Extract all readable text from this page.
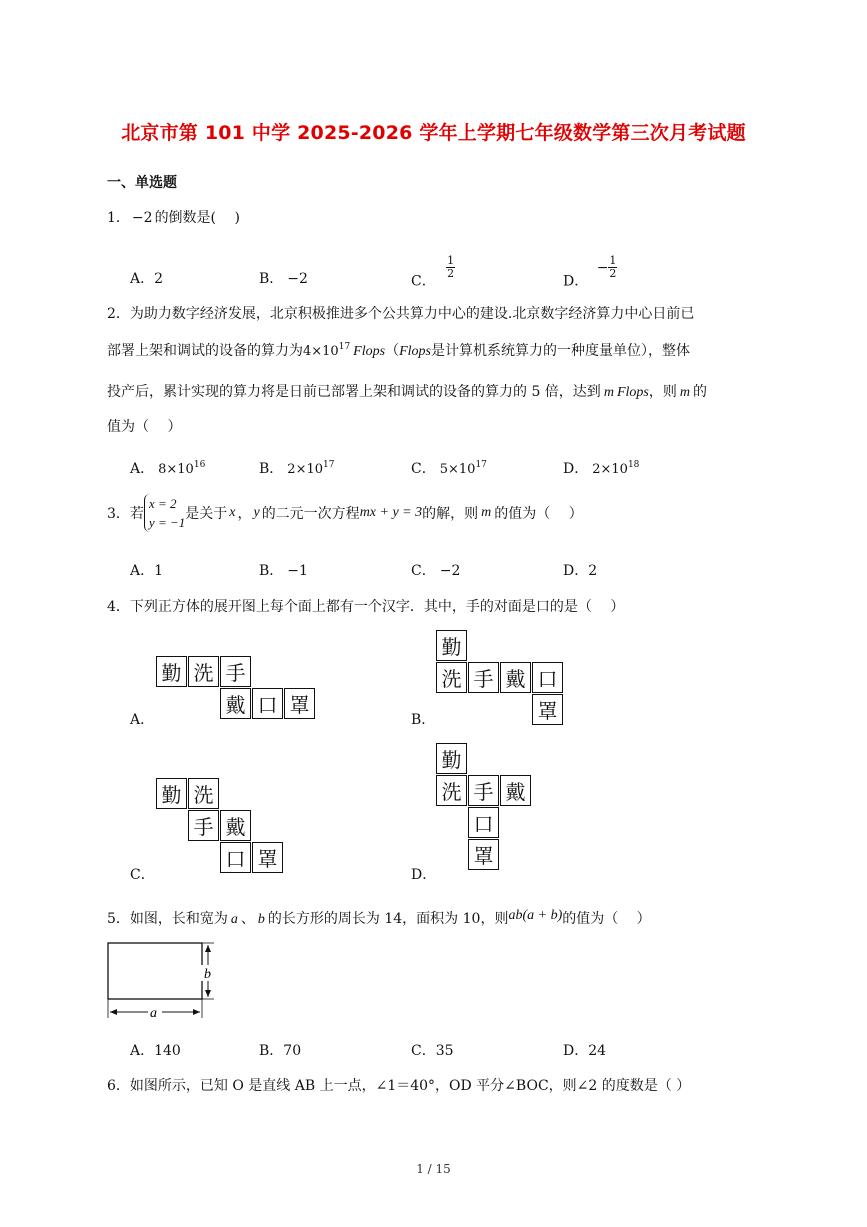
北京市第 101 中学 2025-2026 学年上学期七年级数学第三次月考试题
一、单选题
1． −2 的倒数是(　 )
A．2	B． −2	C．
$\frac{1}{2}$
D． − $\frac{1}{2}$
2．为助力数字经济发展，北京积极推进多个公共算力中心的建设.北京数字经济算力中心日前已
部署上架和调试的设备的算力为$4\times 10^{17}$ Flops（Flops是计算机系统算力的一种度量单位），整体
投产后，累计实现的算力将是日前已部署上架和调试的设备的算力的 5 倍，达到 m Flops，则 m 的
值为（　 ）
A． $8\times 10^{16}$	B． $2\times 10^{17}$	C． $5\times 10^{17}$	D． $2\times 10^{18}$
3．若
x = 2
y = −1
是关于 x ， y 的二元一次方程mx + y = 3的解，则 m 的值为（　 ）
A．1	B． −1	C． −2	D．2
4．下列正方体的展开图上每个面上都有一个汉字．其中，手的对面是口的是（　 ）
A．
勤 洗 手
戴 口 罩
B．
勤
洗 手 戴 口
罩
C．
勤 洗
手 戴
口 罩
D．
勤
洗 手 戴
口
罩
5．如图，长和宽为 a 、 b 的长方形的周长为 14，面积为 10，则ab(a + b)的值为（　 ）
a
b
A．140	B．70	C．35	D．24
6．如图所示，已知 O 是直线 AB 上一点，∠1＝40°，OD 平分∠BOC，则∠2 的度数是（ ）
1 / 15
